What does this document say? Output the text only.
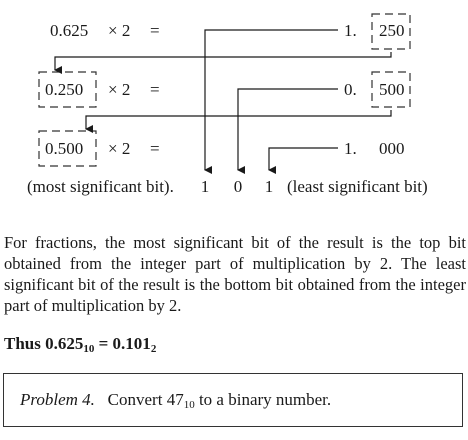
0.625 × 2 =	1. 250
0.250 × 2 =	0. 500
0.500 × 2 =	1. 000
(most significant bit). 1 0 1 (least significant bit)

For fractions, the most significant bit of the result is the top bit obtained from the integer part of multiplication by 2. The least significant bit of the result is the bottom bit obtained from the integer part of multiplication by 2.

Thus $0.625_{10} = 0.101_2$

Problem 4. Convert $47_{10}$ to a binary number.
